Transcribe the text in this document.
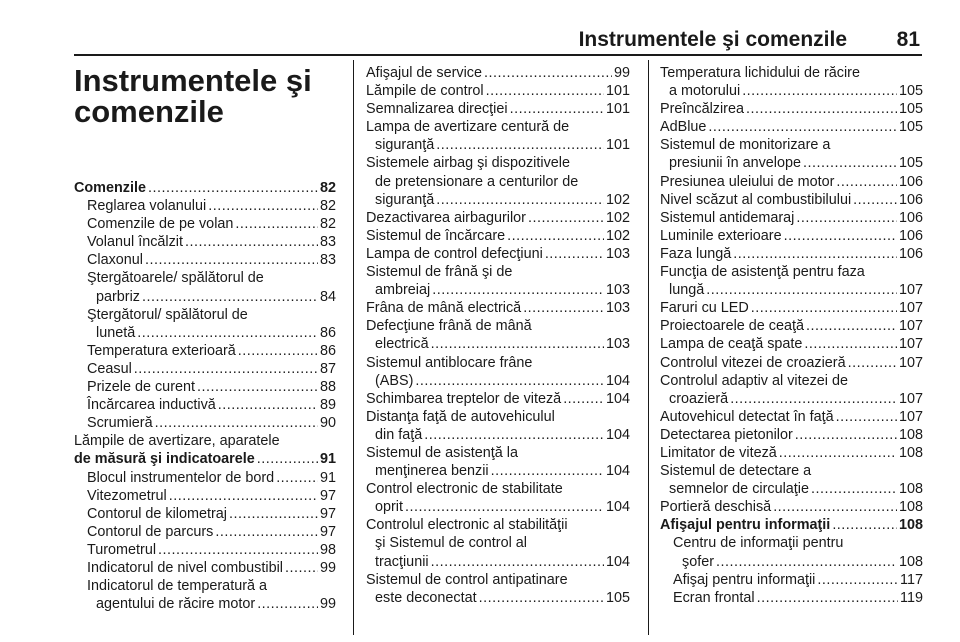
Instrumentele şi comenzile 81
Instrumentele şi
comenzile
Comenzile .....	82
Reglarea volanului .....	82
Comenzile de pe volan .....	82
Volanul încălzit .....	83
Claxonul .....	83
Ştergătoarele/ spălătorul de
parbriz .....	84
Ştergătorul/ spălătorul de
lunetă .....	86
Temperatura exterioară .....	86
Ceasul .....	87
Prizele de curent .....	88
Încărcarea inductivă .....	89
Scrumieră .....	90
Lămpile de avertizare, aparatele
de măsură şi indicatoarele .....	91
Blocul instrumentelor de bord .....	91
Vitezometrul .....	97
Contorul de kilometraj .....	97
Contorul de parcurs .....	97
Turometrul .....	98
Indicatorul de nivel combustibil .....	99
Indicatorul de temperatură a
agentului de răcire motor .....	99
Afişajul de service .....	99
Lămpile de control .....	101
Semnalizarea direcţiei .....	101
Lampa de avertizare centură de
siguranţă .....	101
Sistemele airbag şi dispozitivele
de pretensionare a centurilor de
siguranţă .....	102
Dezactivarea airbagurilor .....	102
Sistemul de încărcare .....	102
Lampa de control defecţiuni .....	103
Sistemul de frână şi de
ambreiaj .....	103
Frâna de mână electrică .....	103
Defecţiune frână de mână
electrică .....	103
Sistemul antiblocare frâne
(ABS) .....	104
Schimbarea treptelor de viteză .....	104
Distanţa faţă de autovehiculul
din faţă .....	104
Sistemul de asistenţă la
menţinerea benzii .....	104
Control electronic de stabilitate
oprit .....	104
Controlul electronic al stabilităţii
şi Sistemul de control al
tracţiunii .....	104
Sistemul de control antipatinare
este deconectat .....	105
Temperatura lichidului de răcire
a motorului .....	105
Preîncălzirea .....	105
AdBlue .....	105
Sistemul de monitorizare a
presiunii în anvelope .....	105
Presiunea uleiului de motor .....	106
Nivel scăzut al combustibilului .....	106
Sistemul antidemaraj .....	106
Luminile exterioare .....	106
Faza lungă .....	106
Funcţia de asistenţă pentru faza
lungă .....	107
Faruri cu LED .....	107
Proiectoarele de ceaţă .....	107
Lampa de ceaţă spate .....	107
Controlul vitezei de croazieră .....	107
Controlul adaptiv al vitezei de
croazieră .....	107
Autovehicul detectat în faţă .....	107
Detectarea pietonilor .....	108
Limitator de viteză .....	108
Sistemul de detectare a
semnelor de circulaţie .....	108
Portieră deschisă .....	108
Afişajul pentru informaţii .....	108
Centru de informaţii pentru
şofer .....	108
Afişaj pentru informaţii .....	117
Ecran frontal .....	119
